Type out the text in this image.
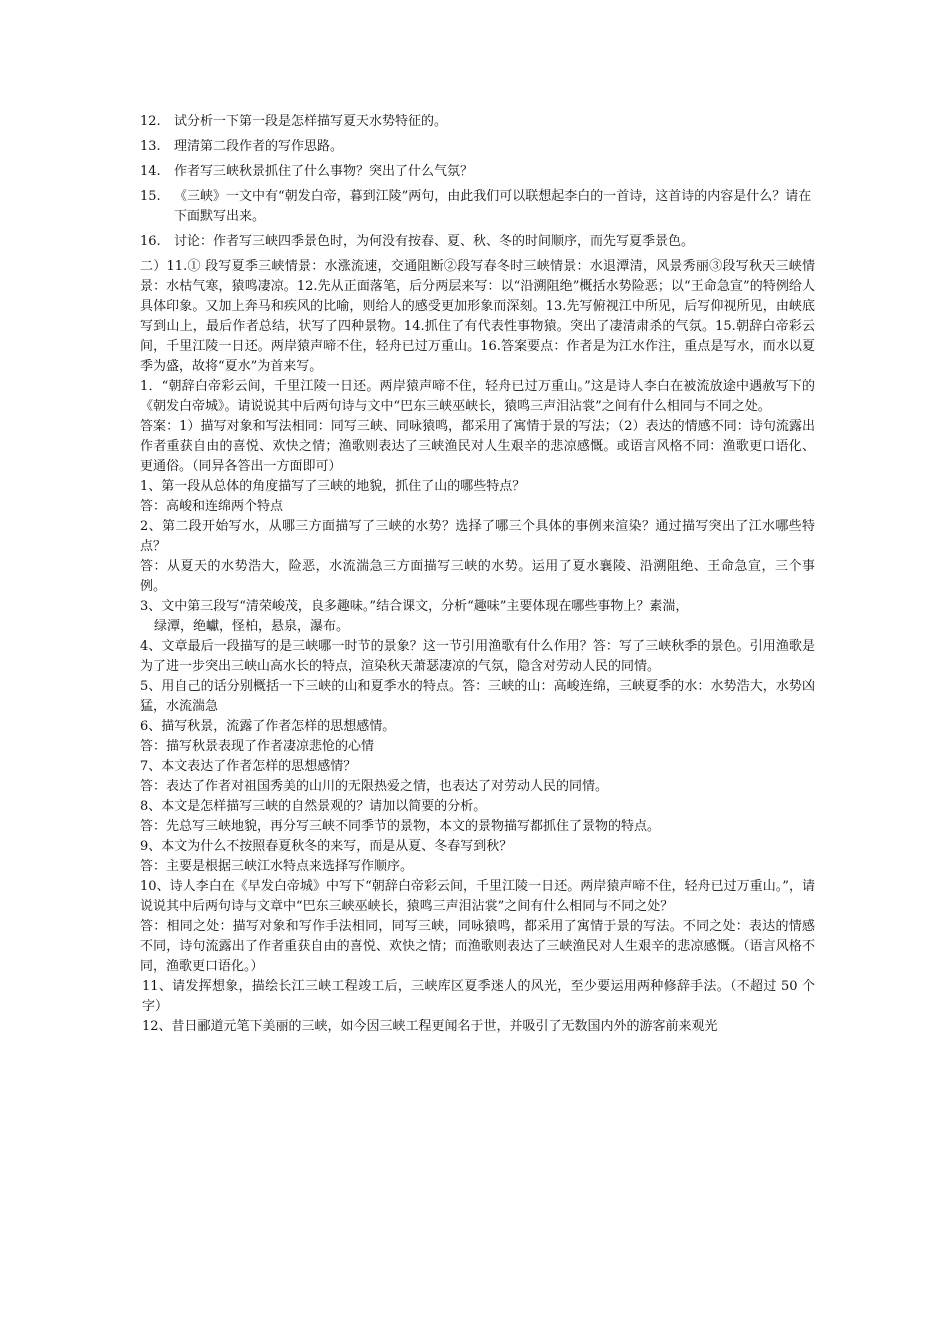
12.	试分析一下第一段是怎样描写夏天水势特征的。
13.	理清第二段作者的写作思路。
14.	作者写三峡秋景抓住了什么事物？突出了什么气氛？
15.	《三峡》一文中有“朝发白帝，暮到江陵”两句，由此我们可以联想起李白的一首诗，这首诗的内容是什么？请在下面默写出来。
16.	讨论：作者写三峡四季景色时，为何没有按春、夏、秋、冬的时间顺序，而先写夏季景色。

二）11.① 段写夏季三峡情景：水涨流速，交通阻断②段写春冬时三峡情景：水退潭清，风景秀丽③段写秋天三峡情景：水枯气寒，猿鸣凄凉。12.先从正面落笔，后分两层来写：以“沿溯阻绝”概括水势险恶；以“王命急宣”的特例给人具体印象。又加上奔马和疾风的比喻，则给人的感受更加形象而深刻。13.先写俯视江中所见，后写仰视所见，由峡底写到山上，最后作者总结，状写了四种景物。14.抓住了有代表性事物猿。突出了凄清肃杀的气氛。15.朝辞白帝彩云间，千里江陵一日还。两岸猿声啼不住，轻舟已过万重山。16.答案要点：作者是为江水作注，重点是写水，而水以夏季为盛，故将“夏水”为首来写。

1．“朝辞白帝彩云间，千里江陵一日还。两岸猿声啼不住，轻舟已过万重山。”这是诗人李白在被流放途中遇赦写下的《朝发白帝城》。请说说其中后两句诗与文中“巴东三峡巫峡长，猿鸣三声泪沾裳”之间有什么相同与不同之处。

答案：1）描写对象和写法相同：同写三峡、同咏猿鸣，都采用了寓情于景的写法；（2）表达的情感不同：诗句流露出作者重获自由的喜悦、欢快之情；渔歌则表达了三峡渔民对人生艰辛的悲凉感慨。或语言风格不同：渔歌更口语化、更通俗。（同异各答出一方面即可）

1、第一段从总体的角度描写了三峡的地貌，抓住了山的哪些特点？

答：高峻和连绵两个特点

2、第二段开始写水，从哪三方面描写了三峡的水势？选择了哪三个具体的事例来渲染？通过描写突出了江水哪些特点？

答：从夏天的水势浩大，险恶，水流湍急三方面描写三峡的水势。运用了夏水襄陵、沿溯阻绝、王命急宣，三个事例。

3、文中第三段写“清荣峻茂，良多趣味。”结合课文，分析“趣味”主要体现在哪些事物上？素湍，

绿潭，绝巘，怪柏，悬泉，瀑布。

4、文章最后一段描写的是三峡哪一时节的景象？这一节引用渔歌有什么作用？答：写了三峡秋季的景色。引用渔歌是为了进一步突出三峡山高水长的特点，渲染秋天萧瑟凄凉的气氛，隐含对劳动人民的同情。

5、用自己的话分别概括一下三峡的山和夏季水的特点。答：三峡的山：高峻连绵，三峡夏季的水：水势浩大，水势凶猛，水流湍急

6、描写秋景，流露了作者怎样的思想感情。

答：描写秋景表现了作者凄凉悲怆的心情

7、本文表达了作者怎样的思想感情？

答：表达了作者对祖国秀美的山川的无限热爱之情，也表达了对劳动人民的同情。

8、本文是怎样描写三峡的自然景观的？请加以简要的分析。

答：先总写三峡地貌，再分写三峡不同季节的景物，本文的景物描写都抓住了景物的特点。

9、本文为什么不按照春夏秋冬的来写，而是从夏、冬春写到秋？

答：主要是根据三峡江水特点来选择写作顺序。

10、诗人李白在《早发白帝城》中写下“朝辞白帝彩云间，千里江陵一日还。两岸猿声啼不住，轻舟已过万重山。”，请说说其中后两句诗与文章中“巴东三峡巫峡长，猿鸣三声泪沾裳”之间有什么相同与不同之处？

答：相同之处：描写对象和写作手法相同，同写三峡，同咏猿鸣，都采用了寓情于景的写法。不同之处：表达的情感不同，诗句流露出了作者重获自由的喜悦、欢快之情；而渔歌则表达了三峡渔民对人生艰辛的悲凉感慨。（语言风格不同，渔歌更口语化。）

11、请发挥想象，描绘长江三峡工程竣工后，三峡库区夏季迷人的风光，至少要运用两种修辞手法。（不超过 50 个字）

12、昔日郦道元笔下美丽的三峡，如今因三峡工程更闻名于世，并吸引了无数国内外的游客前来观光
